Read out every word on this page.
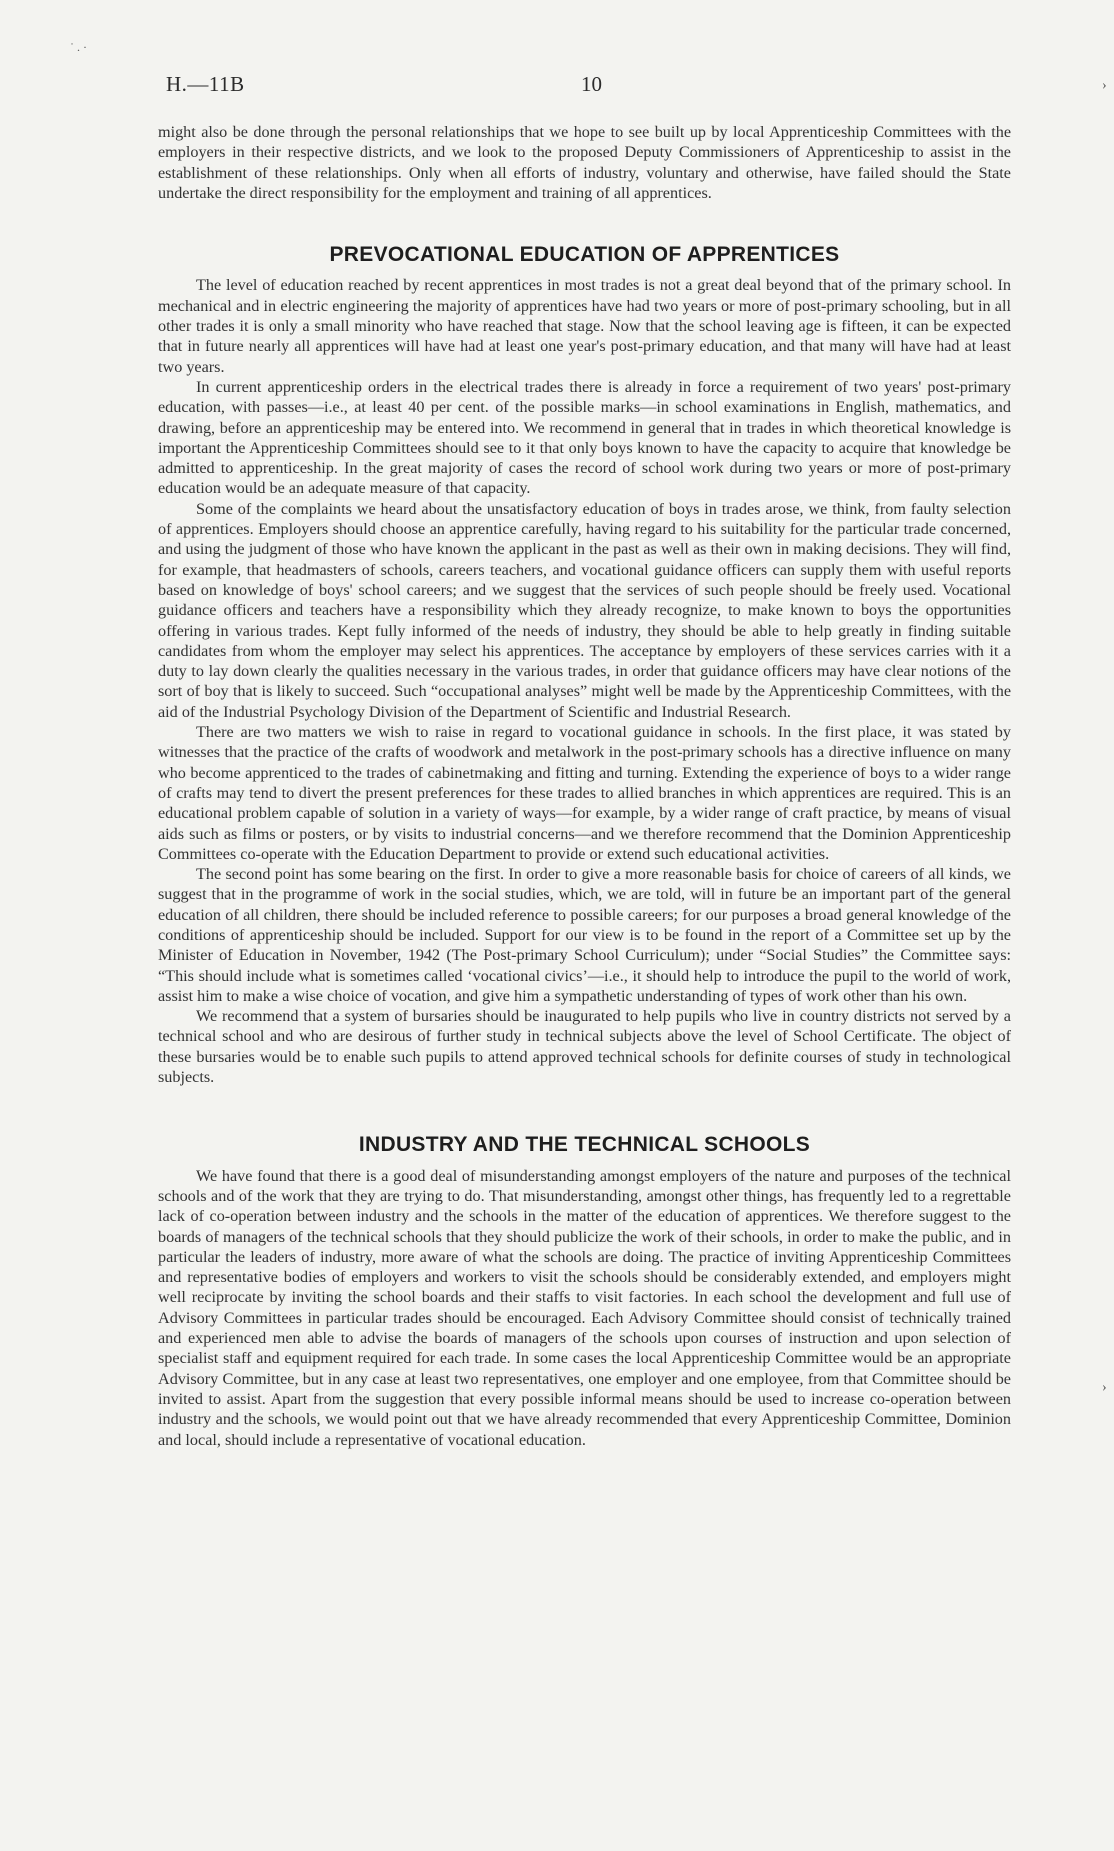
˙ . ·
›
›
H.—11B	10

might also be done through the personal relationships that we hope to see built up by local Apprenticeship Committees with the employers in their respective districts, and we look to the proposed Deputy Commissioners of Apprenticeship to assist in the establishment of these relationships. Only when all efforts of industry, voluntary and otherwise, have failed should the State undertake the direct responsibility for the employment and training of all apprentices.

PREVOCATIONAL EDUCATION OF APPRENTICES

The level of education reached by recent apprentices in most trades is not a great deal beyond that of the primary school. In mechanical and in electric engineering the majority of apprentices have had two years or more of post-primary schooling, but in all other trades it is only a small minority who have reached that stage. Now that the school leaving age is fifteen, it can be expected that in future nearly all apprentices will have had at least one year's post-primary education, and that many will have had at least two years.

In current apprenticeship orders in the electrical trades there is already in force a requirement of two years' post-primary education, with passes—i.e., at least 40 per cent. of the possible marks—in school examinations in English, mathematics, and drawing, before an apprenticeship may be entered into. We recommend in general that in trades in which theoretical knowledge is important the Apprenticeship Committees should see to it that only boys known to have the capacity to acquire that knowledge be admitted to apprenticeship. In the great majority of cases the record of school work during two years or more of post-primary education would be an adequate measure of that capacity.

Some of the complaints we heard about the unsatisfactory education of boys in trades arose, we think, from faulty selection of apprentices. Employers should choose an apprentice carefully, having regard to his suitability for the particular trade concerned, and using the judgment of those who have known the applicant in the past as well as their own in making decisions. They will find, for example, that headmasters of schools, careers teachers, and vocational guidance officers can supply them with useful reports based on knowledge of boys' school careers; and we suggest that the services of such people should be freely used. Vocational guidance officers and teachers have a responsibility which they already recognize, to make known to boys the opportunities offering in various trades. Kept fully informed of the needs of industry, they should be able to help greatly in finding suitable candidates from whom the employer may select his apprentices. The acceptance by employers of these services carries with it a duty to lay down clearly the qualities necessary in the various trades, in order that guidance officers may have clear notions of the sort of boy that is likely to succeed. Such “occupational analyses” might well be made by the Apprenticeship Committees, with the aid of the Industrial Psychology Division of the Department of Scientific and Industrial Research.

There are two matters we wish to raise in regard to vocational guidance in schools. In the first place, it was stated by witnesses that the practice of the crafts of woodwork and metalwork in the post-primary schools has a directive influence on many who become apprenticed to the trades of cabinetmaking and fitting and turning. Extending the experience of boys to a wider range of crafts may tend to divert the present preferences for these trades to allied branches in which apprentices are required. This is an educational problem capable of solution in a variety of ways—for example, by a wider range of craft practice, by means of visual aids such as films or posters, or by visits to industrial concerns—and we therefore recommend that the Dominion Apprenticeship Committees co-operate with the Education Department to provide or extend such educational activities.

The second point has some bearing on the first. In order to give a more reasonable basis for choice of careers of all kinds, we suggest that in the programme of work in the social studies, which, we are told, will in future be an important part of the general education of all children, there should be included reference to possible careers; for our purposes a broad general knowledge of the conditions of apprenticeship should be included. Support for our view is to be found in the report of a Committee set up by the Minister of Education in November, 1942 (The Post-primary School Curriculum); under “Social Studies” the Committee says: “This should include what is sometimes called ‘vocational civics’—i.e., it should help to introduce the pupil to the world of work, assist him to make a wise choice of vocation, and give him a sympathetic understanding of types of work other than his own.

We recommend that a system of bursaries should be inaugurated to help pupils who live in country districts not served by a technical school and who are desirous of further study in technical subjects above the level of School Certificate. The object of these bursaries would be to enable such pupils to attend approved technical schools for definite courses of study in technological subjects.

INDUSTRY AND THE TECHNICAL SCHOOLS

We have found that there is a good deal of misunderstanding amongst employers of the nature and purposes of the technical schools and of the work that they are trying to do. That misunderstanding, amongst other things, has frequently led to a regrettable lack of co-operation between industry and the schools in the matter of the education of apprentices. We therefore suggest to the boards of managers of the technical schools that they should publicize the work of their schools, in order to make the public, and in particular the leaders of industry, more aware of what the schools are doing. The practice of inviting Apprenticeship Committees and representative bodies of employers and workers to visit the schools should be considerably extended, and employers might well reciprocate by inviting the school boards and their staffs to visit factories. In each school the development and full use of Advisory Committees in particular trades should be encouraged. Each Advisory Committee should consist of technically trained and experienced men able to advise the boards of managers of the schools upon courses of instruction and upon selection of specialist staff and equipment required for each trade. In some cases the local Apprenticeship Committee would be an appropriate Advisory Committee, but in any case at least two representatives, one employer and one employee, from that Committee should be invited to assist. Apart from the suggestion that every possible informal means should be used to increase co-operation between industry and the schools, we would point out that we have already recommended that every Apprenticeship Committee, Dominion and local, should include a representative of vocational education.
